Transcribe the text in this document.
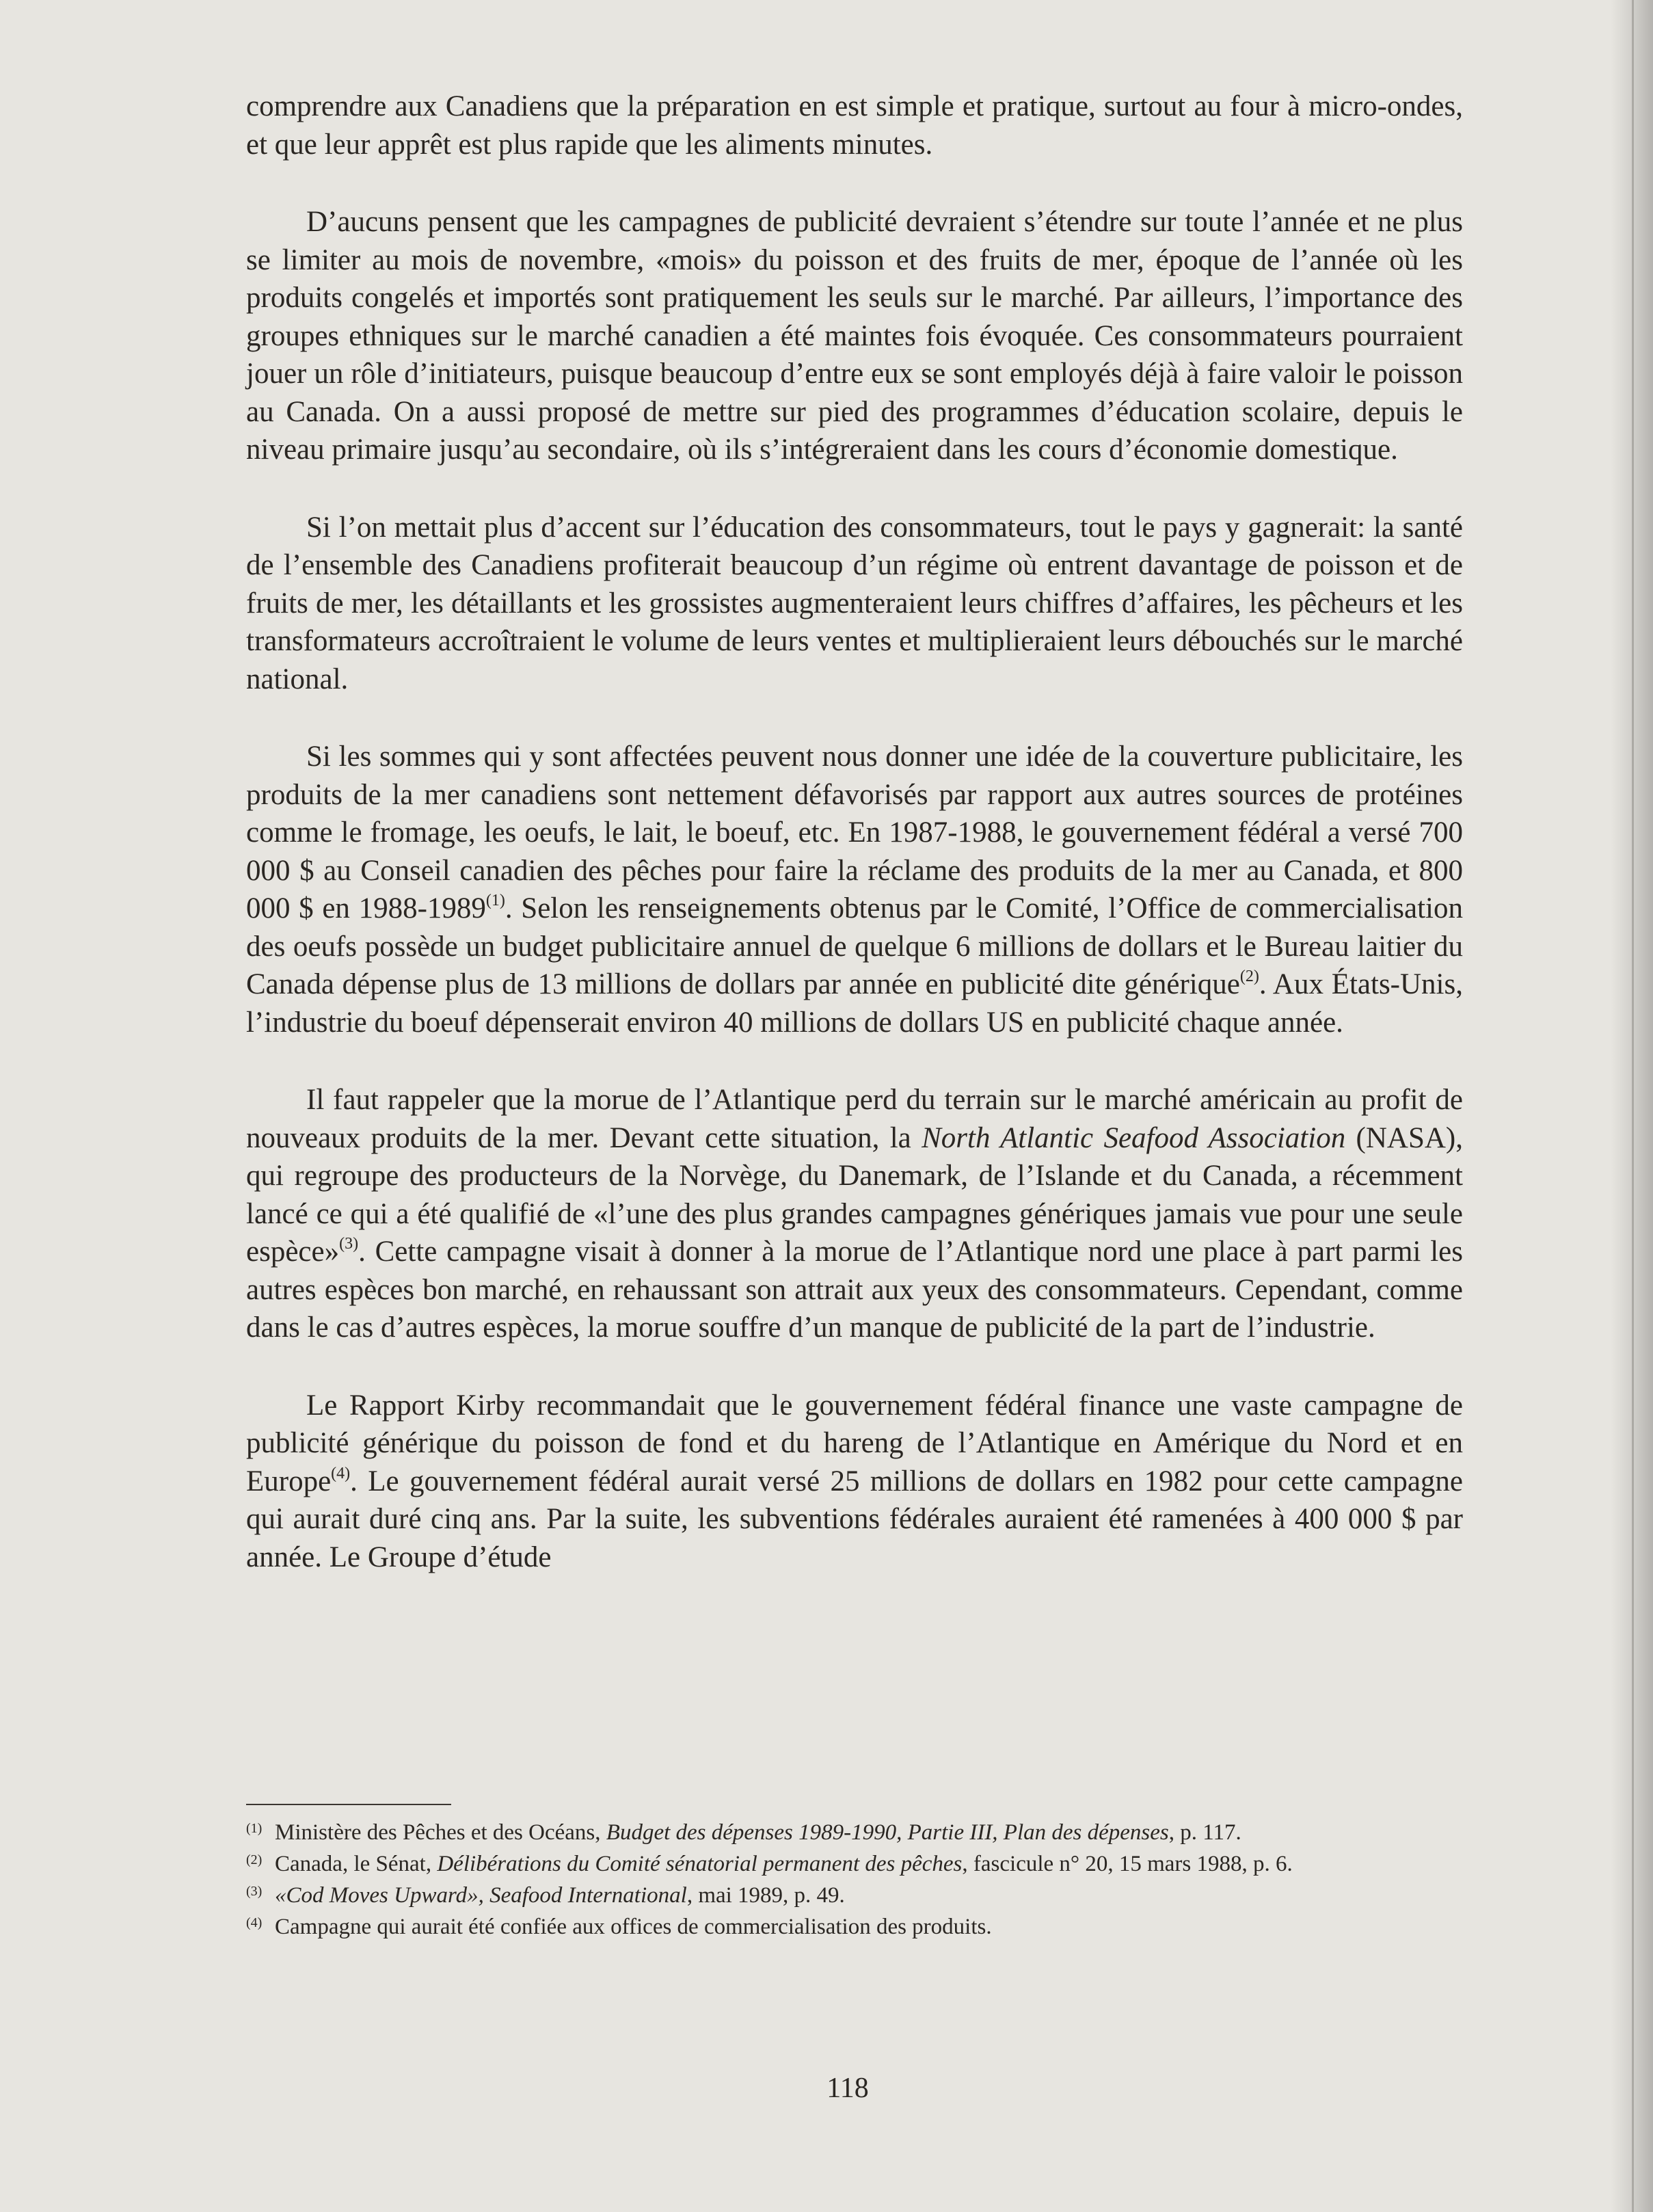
comprendre aux Canadiens que la préparation en est simple et pratique, surtout au four à micro-ondes, et que leur apprêt est plus rapide que les aliments minutes.

D’aucuns pensent que les campagnes de publicité devraient s’étendre sur toute l’année et ne plus se limiter au mois de novembre, «mois» du poisson et des fruits de mer, époque de l’année où les produits congelés et importés sont pratiquement les seuls sur le marché. Par ailleurs, l’importance des groupes ethniques sur le marché canadien a été maintes fois évoquée. Ces consommateurs pourraient jouer un rôle d’initiateurs, puisque beaucoup d’entre eux se sont employés déjà à faire valoir le poisson au Canada. On a aussi proposé de mettre sur pied des programmes d’éducation scolaire, depuis le niveau primaire jusqu’au secondaire, où ils s’intégreraient dans les cours d’économie domestique.

Si l’on mettait plus d’accent sur l’éducation des consommateurs, tout le pays y gagnerait: la santé de l’ensemble des Canadiens profiterait beaucoup d’un régime où entrent davantage de poisson et de fruits de mer, les détaillants et les grossistes augmenteraient leurs chiffres d’affaires, les pêcheurs et les transformateurs accroîtraient le volume de leurs ventes et multiplieraient leurs débouchés sur le marché national.

Si les sommes qui y sont affectées peuvent nous donner une idée de la couverture publicitaire, les produits de la mer canadiens sont nettement défavorisés par rapport aux autres sources de protéines comme le fromage, les oeufs, le lait, le boeuf, etc. En 1987-1988, le gouvernement fédéral a versé 700 000 $ au Conseil canadien des pêches pour faire la réclame des produits de la mer au Canada, et 800 000 $ en 1988-1989$^{(1)}$. Selon les renseignements obtenus par le Comité, l’Office de commercialisation des oeufs possède un budget publicitaire annuel de quelque 6 millions de dollars et le Bureau laitier du Canada dépense plus de 13 millions de dollars par année en publicité dite générique$^{(2)}$. Aux États-Unis, l’industrie du boeuf dépenserait environ 40 millions de dollars US en publicité chaque année.

Il faut rappeler que la morue de l’Atlantique perd du terrain sur le marché américain au profit de nouveaux produits de la mer. Devant cette situation, la North Atlantic Seafood Association (NASA), qui regroupe des producteurs de la Norvège, du Danemark, de l’Islande et du Canada, a récemment lancé ce qui a été qualifié de «l’une des plus grandes campagnes génériques jamais vue pour une seule espèce»$^{(3)}$. Cette campagne visait à donner à la morue de l’Atlantique nord une place à part parmi les autres espèces bon marché, en rehaussant son attrait aux yeux des consommateurs. Cependant, comme dans le cas d’autres espèces, la morue souffre d’un manque de publicité de la part de l’industrie.

Le Rapport Kirby recommandait que le gouvernement fédéral finance une vaste campagne de publicité générique du poisson de fond et du hareng de l’Atlantique en Amérique du Nord et en Europe$^{(4)}$. Le gouvernement fédéral aurait versé 25 millions de dollars en 1982 pour cette campagne qui aurait duré cinq ans. Par la suite, les subventions fédérales auraient été ramenées à 400 000 $ par année. Le Groupe d’étude

(1) Ministère des Pêches et des Océans, Budget des dépenses 1989-1990, Partie III, Plan des dépenses, p. 117.
(2) Canada, le Sénat, Délibérations du Comité sénatorial permanent des pêches, fascicule n° 20, 15 mars 1988, p. 6.
(3) «Cod Moves Upward», Seafood International, mai 1989, p. 49.
(4) Campagne qui aurait été confiée aux offices de commercialisation des produits.
118
